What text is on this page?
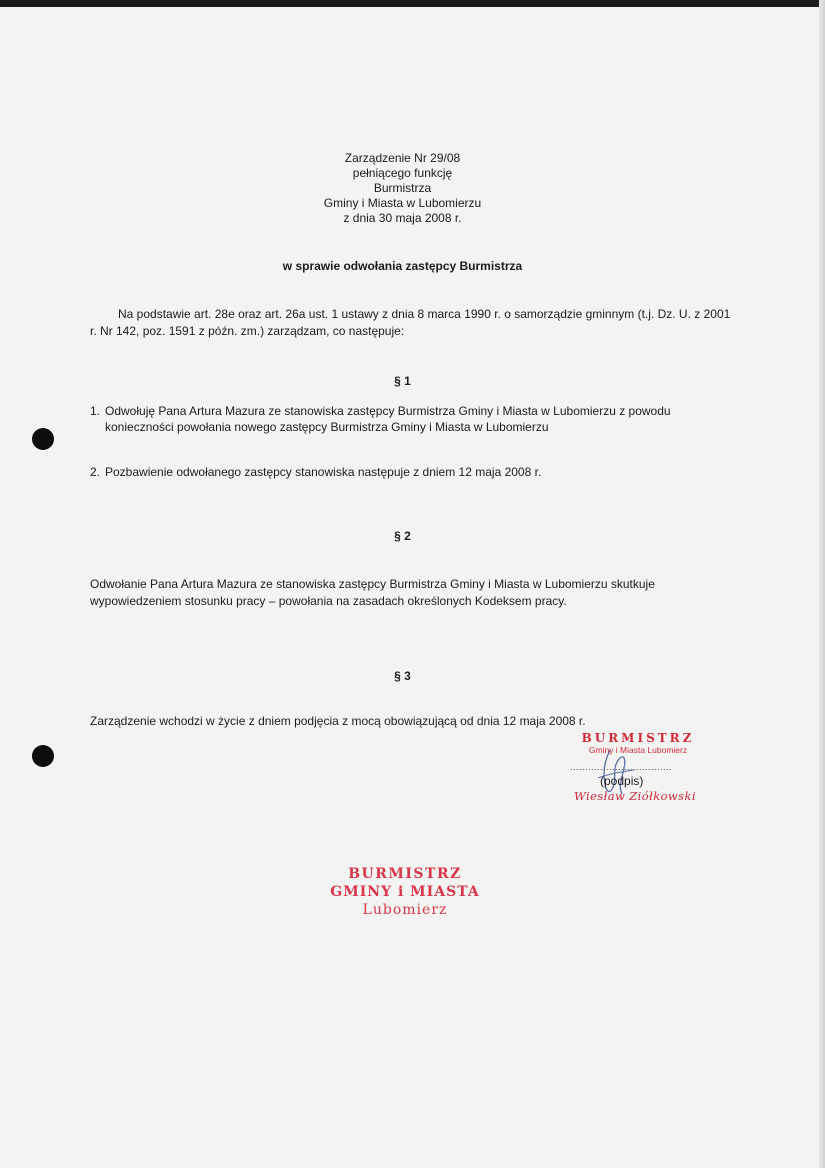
Zarządzenie Nr 29/08
pełniącego funkcję
Burmistrza
Gminy i Miasta w Lubomierzu
z dnia 30 maja 2008 r.
w sprawie odwołania zastępcy Burmistrza
Na podstawie art. 28e oraz art. 26a ust. 1 ustawy z dnia 8 marca 1990 r. o samorządzie gminnym (t.j. Dz. U. z 2001 r. Nr 142, poz. 1591 z późn. zm.) zarządzam, co następuje:
§ 1
1. Odwołuję Pana Artura Mazura ze stanowiska zastępcy Burmistrza Gminy i Miasta w Lubomierzu z powodu konieczności powołania nowego zastępcy Burmistrza Gminy i Miasta w Lubomierzu
2. Pozbawienie odwołanego zastępcy stanowiska następuje z dniem 12 maja 2008 r.
§ 2
Odwołanie Pana Artura Mazura ze stanowiska zastępcy Burmistrza Gminy i Miasta w Lubomierzu skutkuje wypowiedzeniem stosunku pracy – powołania na zasadach określonych Kodeksem pracy.
§ 3
Zarządzenie wchodzi w życie z dniem podjęcia z mocą obowiązującą od dnia 12 maja 2008 r.
BURMISTRZ
Gminy i Miasta Lubomierz
..................................
(podpis)
Wiesław Ziółkowski
BURMISTRZ
GMINY i MIASTA
Lubomierz
